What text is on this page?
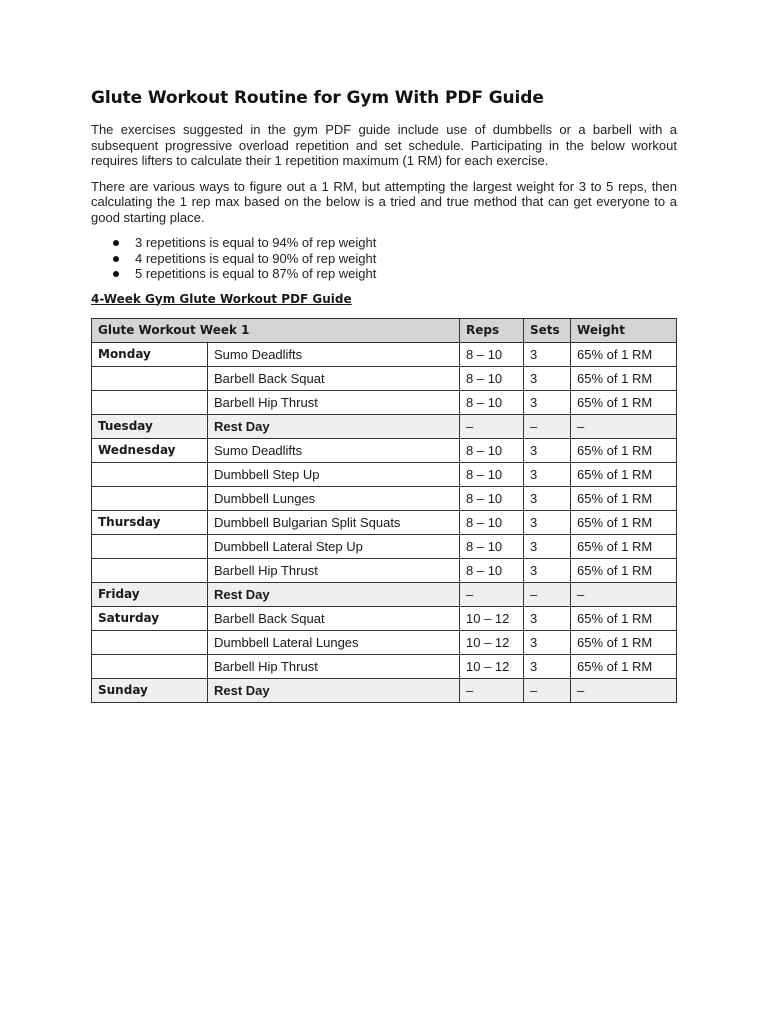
Glute Workout Routine for Gym With PDF Guide

The exercises suggested in the gym PDF guide include use of dumbbells or a barbell with a subsequent progressive overload repetition and set schedule. Participating in the below workout requires lifters to calculate their 1 repetition maximum (1 RM) for each exercise.

There are various ways to figure out a 1 RM, but attempting the largest weight for 3 to 5 reps, then calculating the 1 rep max based on the below is a tried and true method that can get everyone to a good starting place.

3 repetitions is equal to 94% of rep weight
4 repetitions is equal to 90% of rep weight
5 repetitions is equal to 87% of rep weight
4-Week Gym Glute Workout PDF Guide
Glute Workout Week 1		Reps	Sets	Weight
Monday	Sumo Deadlifts	8 – 10	3	65% of 1 RM
	Barbell Back Squat	8 – 10	3	65% of 1 RM
	Barbell Hip Thrust	8 – 10	3	65% of 1 RM
Tuesday	Rest Day	–	–	–
Wednesday	Sumo Deadlifts	8 – 10	3	65% of 1 RM
	Dumbbell Step Up	8 – 10	3	65% of 1 RM
	Dumbbell Lunges	8 – 10	3	65% of 1 RM
Thursday	Dumbbell Bulgarian Split Squats	8 – 10	3	65% of 1 RM
	Dumbbell Lateral Step Up	8 – 10	3	65% of 1 RM
	Barbell Hip Thrust	8 – 10	3	65% of 1 RM
Friday	Rest Day	–	–	–
Saturday	Barbell Back Squat	10 – 12	3	65% of 1 RM
	Dumbbell Lateral Lunges	10 – 12	3	65% of 1 RM
	Barbell Hip Thrust	10 – 12	3	65% of 1 RM
Sunday	Rest Day	–	–	–
